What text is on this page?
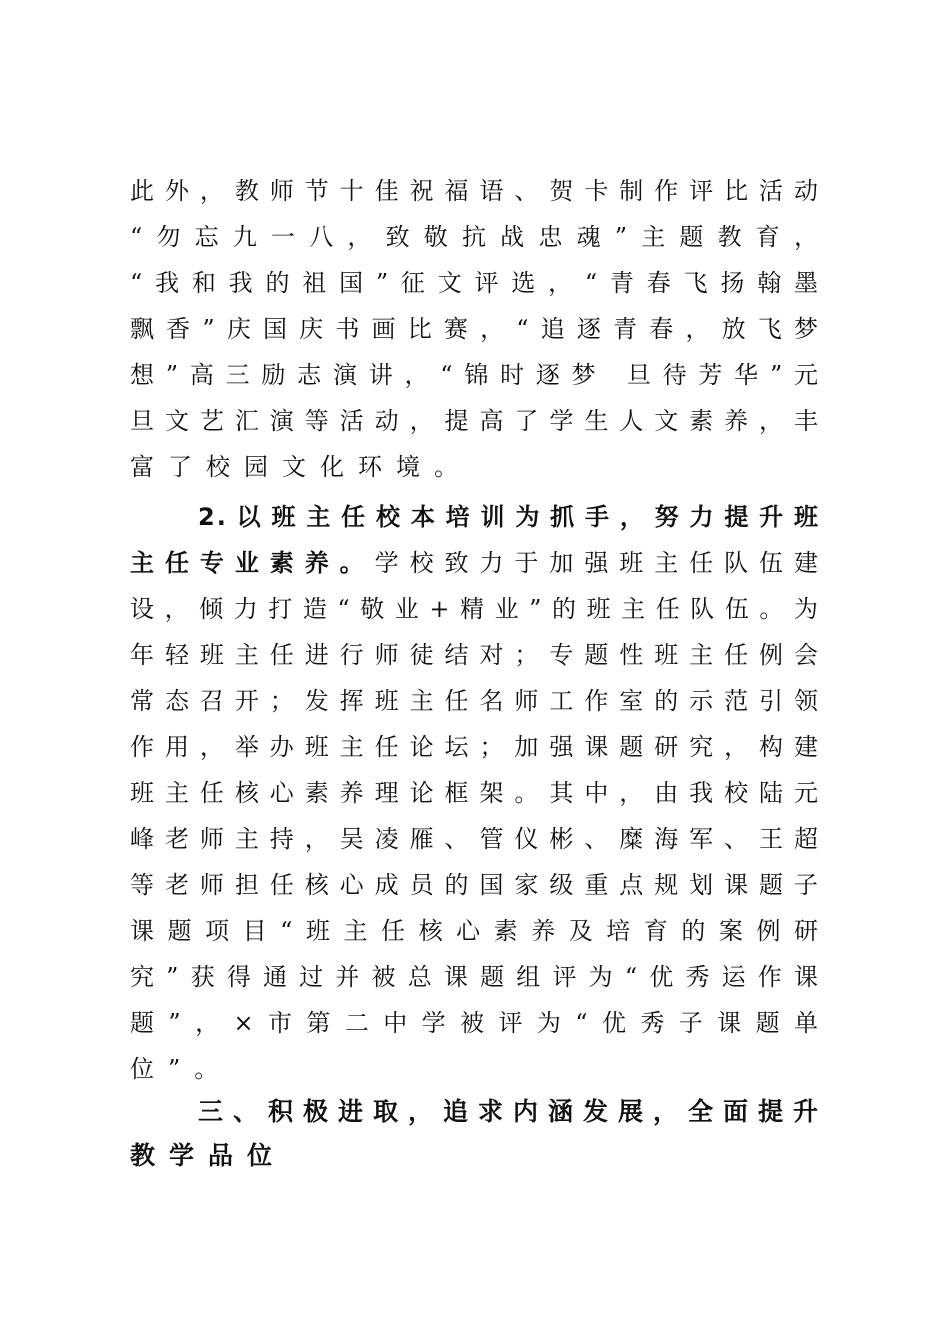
此外，教师节十佳祝福语、贺卡制作评比活动
“勿忘九一八，致敬抗战忠魂”主题教育，
“我和我的祖国”征文评选，“青春飞扬翰墨
飘香”庆国庆书画比赛，“追逐青春，放飞梦
想”高三励志演讲，“锦时逐梦 旦待芳华”元
旦文艺汇演等活动，提高了学生人文素养，丰
富了校园文化环境。
2.以班主任校本培训为抓手，努力提升班
主任专业素养。学校致力于加强班主任队伍建
设，倾力打造“敬业+精业”的班主任队伍。为
年轻班主任进行师徒结对；专题性班主任例会
常态召开；发挥班主任名师工作室的示范引领
作用，举办班主任论坛；加强课题研究，构建
班主任核心素养理论框架。其中，由我校陆元
峰老师主持，吴凌雁、管仪彬、糜海军、王超
等老师担任核心成员的国家级重点规划课题子
课题项目“班主任核心素养及培育的案例研
究”获得通过并被总课题组评为“优秀运作课
题”，×市第二中学被评为“优秀子课题单
位”。
三、积极进取，追求内涵发展，全面提升
教学品位
